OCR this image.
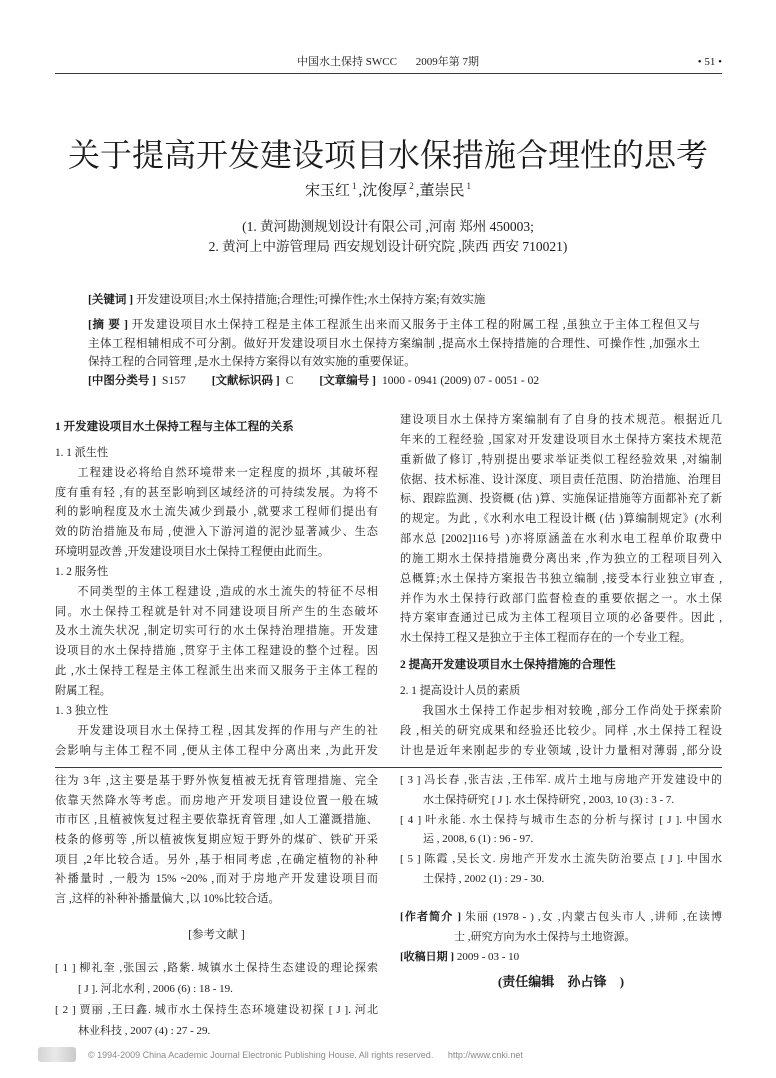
中国水土保持 SWCC 2009年第 7期	• 51 •
关于提高开发建设项目水保措施合理性的思考
宋玉红 $^1$ ,沈俊厚 $^2$ ,董崇民 $^1$
(1. 黄河勘测规划设计有限公司 ,河南 郑州 450003;
2. 黄河上中游管理局 西安规划设计研究院 ,陕西 西安 710021)
[关键词 ] 开发建设项目;水土保持措施;合理性;可操作性;水土保持方案;有效实施
[摘 要 ] 开发建设项目水土保持工程是主体工程派生出来而又服务于主体工程的附属工程 ,虽独立于主体工程但又与
主体工程相辅相成不可分割。做好开发建设项目水土保持方案编制 ,提高水土保持措施的合理性、可操作性 ,加强水土
保持工程的合同管理 ,是水土保持方案得以有效实施的重要保证。
[中图分类号 ] S157 [文献标识码 ] C [文章编号 ] 1000 - 0941 (2009) 07 - 0051 - 02
1 开发建设项目水土保持工程与主体工程的关系
1. 1 派生性
工程建设必将给自然环境带来一定程度的损坏 ,其破坏程
度有重有轻 ,有的甚至影响到区域经济的可持续发展。为将不
利的影响程度及水土流失减少到最小 ,就要求工程师们提出有
效的防治措施及布局 ,使泄入下游河道的泥沙显著减少、生态
环境明显改善 ,开发建设项目水土保持工程便由此而生。
1. 2 服务性
不同类型的主体工程建设 ,造成的水土流失的特征不尽相
同。水土保持工程就是针对不同建设项目所产生的生态破坏
及水土流失状况 ,制定切实可行的水土保持治理措施。开发建
设项目的水土保持措施 ,贯穿于主体工程建设的整个过程。因
此 ,水土保持工程是主体工程派生出来而又服务于主体工程的
附属工程。
1. 3 独立性
开发建设项目水土保持工程 ,因其发挥的作用与产生的社
会影响与主体工程不同 ,便从主体工程中分离出来 ,为此开发
建设项目水土保持方案编制有了自身的技术规范。根据近几
年来的工程经验 ,国家对开发建设项目水土保持方案技术规范
重新做了修订 ,特别提出要求举证类似工程经验效果 ,对编制
依据、技术标准、设计深度、项目责任范围、防治措施、治理目
标、跟踪监测、投资概 (估 )算、实施保证措施等方面都补充了新
的规定。为此 ,《水利水电工程设计概 (估 )算编制规定》(水利
部水总 [2002]116号 )亦将原涵盖在水利水电工程单价取费中
的施工期水土保持措施费分离出来 ,作为独立的工程项目列入
总概算;水土保持方案报告书独立编制 ,接受本行业独立审查 ,
并作为水土保持行政部门监督检查的重要依据之一。水土保
持方案审查通过已成为主体工程项目立项的必备要件。因此 ,
水土保持工程又是独立于主体工程而存在的一个专业工程。
2 提高开发建设项目水土保持措施的合理性
2. 1 提高设计人员的素质
我国水土保持工作起步相对较晚 ,部分工作尚处于探索阶
段 ,相关的研究成果和经验还比较少。同样 ,水土保持工程设
计也是近年来刚起步的专业领域 ,设计力量相对薄弱 ,部分设
往为 3年 ,这主要是基于野外恢复植被无抚育管理措施、完全
依靠天然降水等考虑。而房地产开发项目建设位置一般在城
市市区 ,且植被恢复过程主要依靠抚育管理 ,如人工灌溉措施、
枝条的修剪等 ,所以植被恢复期应短于野外的煤矿、铁矿开采
项目 ,2年比较合适。另外 ,基于相同考虑 ,在确定植物的补种
补播量时 ,一般为 15% ~20% ,而对于房地产开发建设项目而
言 ,这样的补种补播量偏大 ,以 10%比较合适。
[参考文献 ]
[ 1 ] 柳礼奎 ,张国云 ,路紫. 城镇水土保持生态建设的理论探索
[ J ]. 河北水利 , 2006 (6) : 18 - 19.
[ 2 ] 贾丽 ,王曰鑫. 城市水土保持生态环境建设初探 [ J ]. 河北
林业科技 , 2007 (4) : 27 - 29.
[ 3 ] 冯长春 ,张吉法 ,王伟军. 成片土地与房地产开发建设中的
水土保持研究 [ J ]. 水土保持研究 , 2003, 10 (3) : 3 - 7.
[ 4 ] 叶永能. 水土保持与城市生态的分析与探讨 [ J ]. 中国水
运 , 2008, 6 (1) : 96 - 97.
[ 5 ] 陈霞 ,吴长文. 房地产开发水土流失防治要点 [ J ]. 中国水
土保持 , 2002 (1) : 29 - 30.
[作者简介 ] 朱丽 (1978 - ) ,女 ,内蒙古包头市人 ,讲师 ,在读博
士 ,研究方向为水土保持与土地资源。
[收稿日期 ] 2009 - 03 - 10
(责任编辑 孙占锋 )
© 1994-2009 China Academic Journal Electronic Publishing House. All rights reserved. http://www.cnki.net
